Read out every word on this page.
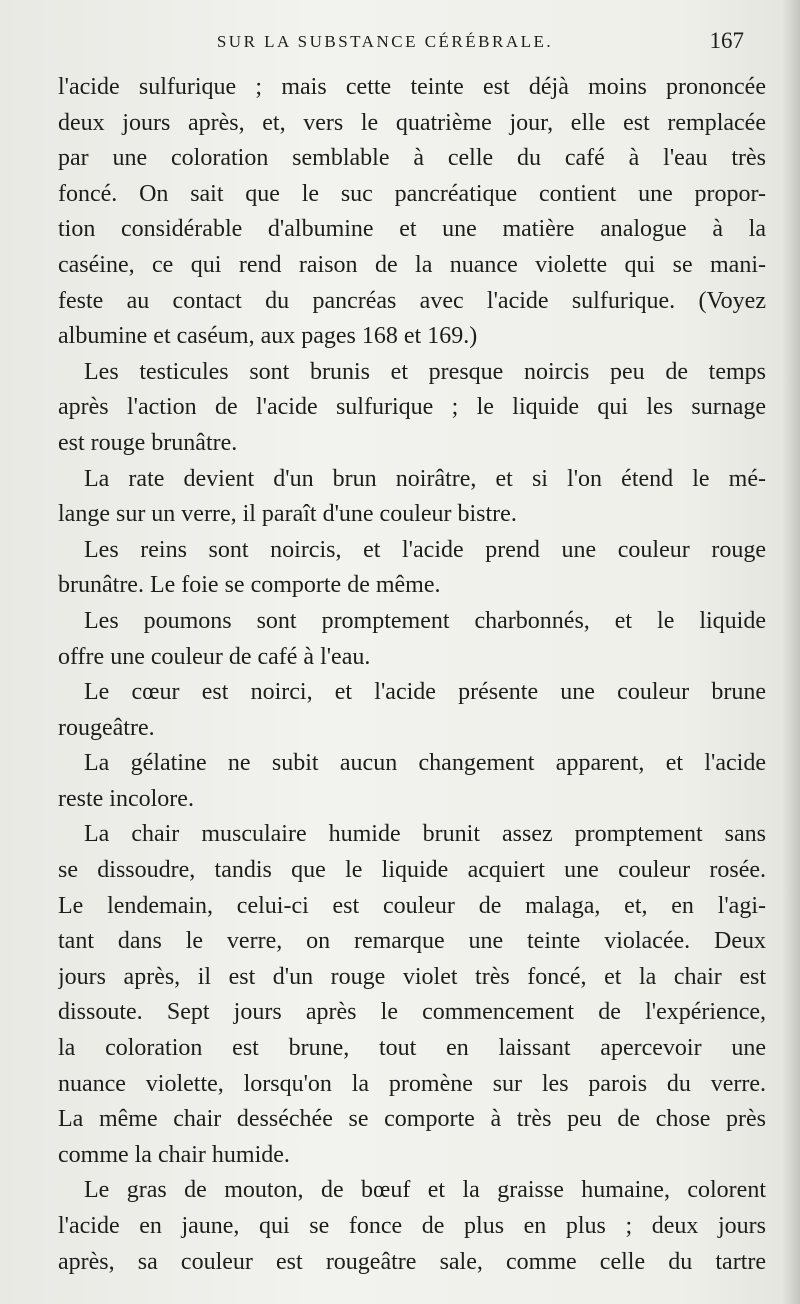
SUR LA SUBSTANCE CÉRÉBRALE.	167
l'acide sulfurique ; mais cette teinte est déjà moins prononcée
deux jours après, et, vers le quatrième jour, elle est remplacée
par une coloration semblable à celle du café à l'eau très
foncé. On sait que le suc pancréatique contient une propor-
tion considérable d'albumine et une matière analogue à la
caséine, ce qui rend raison de la nuance violette qui se mani-
feste au contact du pancréas avec l'acide sulfurique. (Voyez
albumine et caséum, aux pages 168 et 169.)
Les testicules sont brunis et presque noircis peu de temps
après l'action de l'acide sulfurique ; le liquide qui les surnage
est rouge brunâtre.
La rate devient d'un brun noirâtre, et si l'on étend le mé-
lange sur un verre, il paraît d'une couleur bistre.
Les reins sont noircis, et l'acide prend une couleur rouge
brunâtre. Le foie se comporte de même.
Les poumons sont promptement charbonnés, et le liquide
offre une couleur de café à l'eau.
Le cœur est noirci, et l'acide présente une couleur brune
rougeâtre.
La gélatine ne subit aucun changement apparent, et l'acide
reste incolore.
La chair musculaire humide brunit assez promptement sans
se dissoudre, tandis que le liquide acquiert une couleur rosée.
Le lendemain, celui-ci est couleur de malaga, et, en l'agi-
tant dans le verre, on remarque une teinte violacée. Deux
jours après, il est d'un rouge violet très foncé, et la chair est
dissoute. Sept jours après le commencement de l'expérience,
la coloration est brune, tout en laissant apercevoir une
nuance violette, lorsqu'on la promène sur les parois du verre.
La même chair desséchée se comporte à très peu de chose près
comme la chair humide.
Le gras de mouton, de bœuf et la graisse humaine, colorent
l'acide en jaune, qui se fonce de plus en plus ; deux jours
après, sa couleur est rougeâtre sale, comme celle du tartre
